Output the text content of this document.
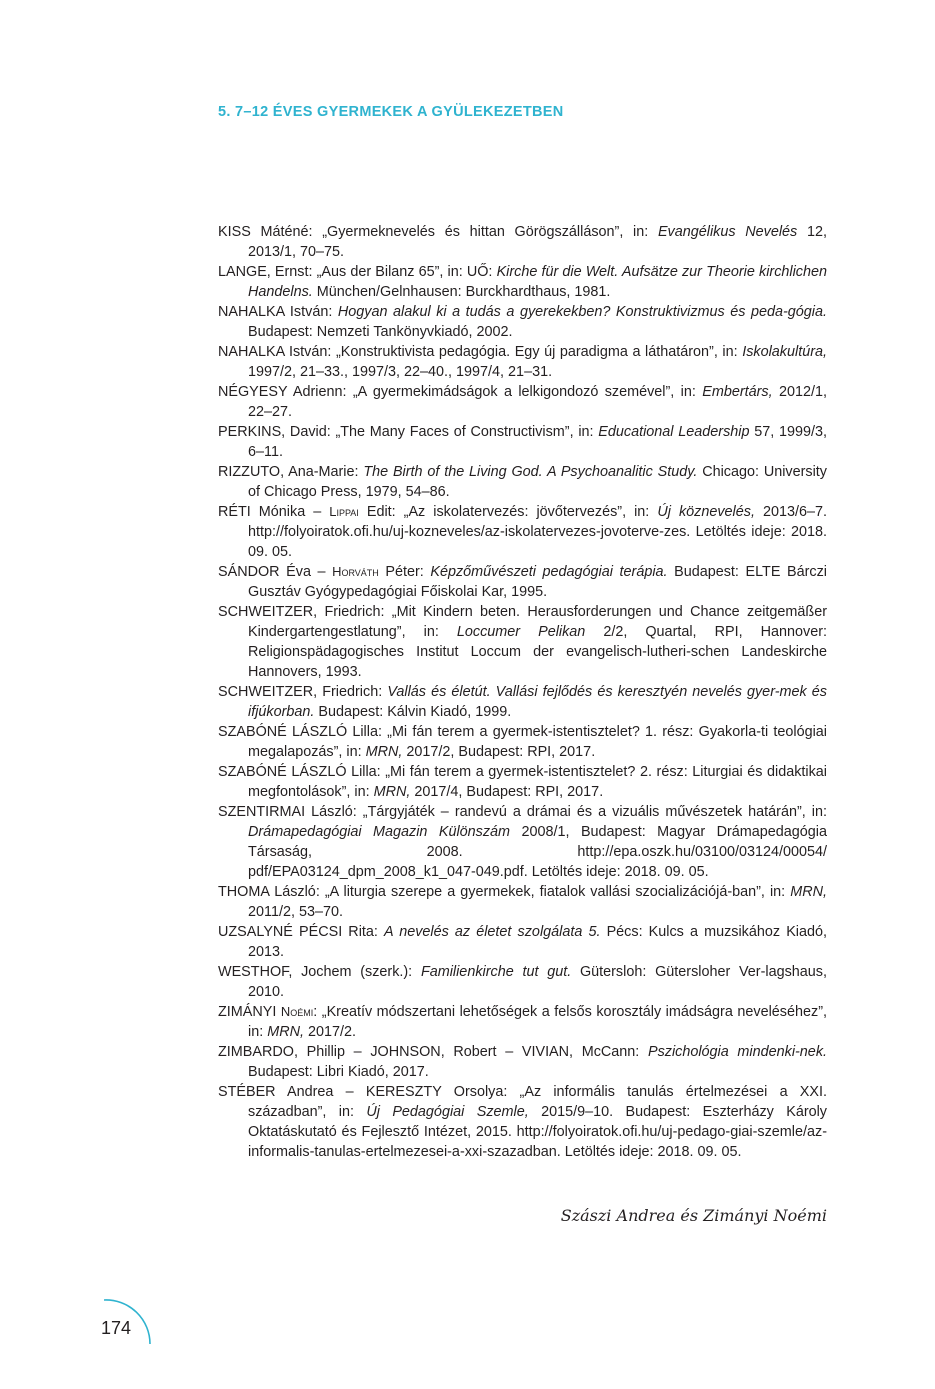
5. 7–12 ÉVES GYERMEKEK A GYÜLEKEZETBEN
KISS Máténé: „Gyermeknevelés és hittan Görögszálláson”, in: Evangélikus Nevelés 12, 2013/1, 70–75.
LANGE, Ernst: „Aus der Bilanz 65”, in: UŐ: Kirche für die Welt. Aufsätze zur Theorie kirchlichen Handelns. München/Gelnhausen: Burckhardthaus, 1981.
NAHALKA István: Hogyan alakul ki a tudás a gyerekekben? Konstruktivizmus és peda-gógia. Budapest: Nemzeti Tankönyvkiadó, 2002.
NAHALKA István: „Konstruktivista pedagógia. Egy új paradigma a láthatáron”, in: Iskolakultúra, 1997/2, 21–33., 1997/3, 22–40., 1997/4, 21–31.
NÉGYESY Adrienn: „A gyermekimádságok a lelkigondozó szemével”, in: Embertárs, 2012/1, 22–27.
PERKINS, David: „The Many Faces of Constructivism”, in: Educational Leadership 57, 1999/3, 6–11.
RIZZUTO, Ana-Marie: The Birth of the Living God. A Psychoanalitic Study. Chicago: University of Chicago Press, 1979, 54–86.
RÉTI Mónika – Lippai Edit: „Az iskolatervezés: jövőtervezés”, in: Új köznevelés, 2013/6–7. http://folyoiratok.ofi.hu/uj-kozneveles/az-iskolatervezes-jovoterve-zes. Letöltés ideje: 2018. 09. 05.
SÁNDOR Éva – Horváth Péter: Képzőművészeti pedagógiai terápia. Budapest: ELTE Bárczi Gusztáv Gyógypedagógiai Főiskolai Kar, 1995.
SCHWEITZER, Friedrich: „Mit Kindern beten. Herausforderungen und Chance zeitgemäßer Kindergartengestlatung”, in: Loccumer Pelikan 2/2, Quartal, RPI, Hannover: Religionspädagogisches Institut Loccum der evangelisch-lutheri-schen Landeskirche Hannovers, 1993.
SCHWEITZER, Friedrich: Vallás és életút. Vallási fejlődés és keresztyén nevelés gyer-mek és ifjúkorban. Budapest: Kálvin Kiadó, 1999.
SZABÓNÉ LÁSZLÓ Lilla: „Mi fán terem a gyermek-istentisztelet? 1. rész: Gyakorla-ti teológiai megalapozás”, in: MRN, 2017/2, Budapest: RPI, 2017.
SZABÓNÉ LÁSZLÓ Lilla: „Mi fán terem a gyermek-istentisztelet? 2. rész: Liturgiai és didaktikai megfontolások”, in: MRN, 2017/4, Budapest: RPI, 2017.
SZENTIRMAI László: „Tárgyjáték – randevú a drámai és a vizuális művészetek határán”, in: Drámapedagógiai Magazin Különszám 2008/1, Budapest: Magyar Drámapedagógia Társaság, 2008. http://epa.oszk.hu/03100/03124/00054/ pdf/EPA03124_dpm_2008_k1_047-049.pdf. Letöltés ideje: 2018. 09. 05.
THOMA László: „A liturgia szerepe a gyermekek, fiatalok vallási szocializációjá-ban”, in: MRN, 2011/2, 53–70.
UZSALYNÉ PÉCSI Rita: A nevelés az életet szolgálata 5. Pécs: Kulcs a muzsikához Kiadó, 2013.
WESTHOF, Jochem (szerk.): Familienkirche tut gut. Gütersloh: Gütersloher Ver-lagshaus, 2010.
ZIMÁNYI Noémi: „Kreatív módszertani lehetőségek a felsős korosztály imádságra neveléséhez”, in: MRN, 2017/2.
ZIMBARDO, Phillip – JOHNSON, Robert – VIVIAN, McCann: Pszichológia mindenki-nek. Budapest: Libri Kiadó, 2017.
STÉBER Andrea – KERESZTY Orsolya: „Az informális tanulás értelmezései a XXI. században”, in: Új Pedagógiai Szemle, 2015/9–10. Budapest: Eszterházy Károly Oktatáskutató és Fejlesztő Intézet, 2015. http://folyoiratok.ofi.hu/uj-pedago-giai-szemle/az-informalis-tanulas-ertelmezesei-a-xxi-szazadban. Letöltés ideje: 2018. 09. 05.
Szászi Andrea és Zimányi Noémi
174
